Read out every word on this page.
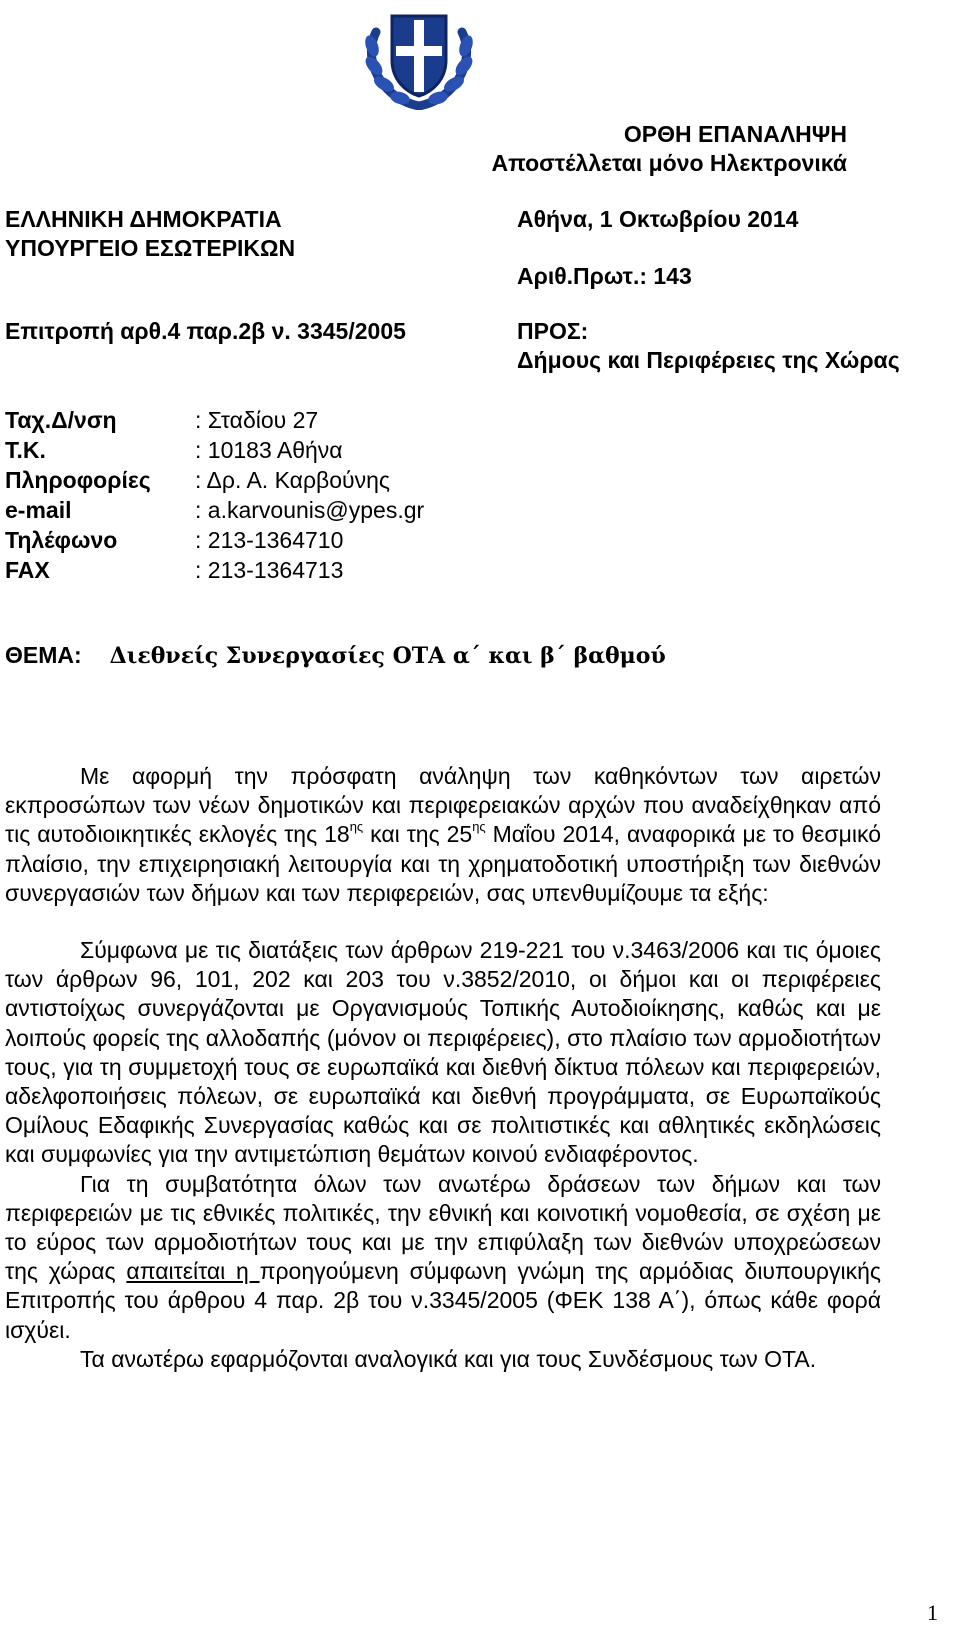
ΟΡΘΗ ΕΠΑΝΑΛΗΨΗ
Αποστέλλεται μόνο Ηλεκτρονικά
ΕΛΛΗΝΙΚΗ ΔΗΜΟΚΡΑΤΙΑ
ΥΠΟΥΡΓΕΙΟ ΕΣΩΤΕΡΙΚΩΝ
Επιτροπή αρθ.4 παρ.2β ν. 3345/2005
Αθήνα, 1 Οκτωβρίου 2014
Αριθ.Πρωτ.: 143
ΠΡΟΣ:
Δήμους και Περιφέρειες της Χώρας
Ταχ.Δ/νση	: Σταδίου 27
Τ.Κ.	: 10183 Αθήνα
Πληροφορίες	: Δρ. Α. Καρβούνης
e-mail	: a.karvounis@ypes.gr
Τηλέφωνο	: 213-1364710
FAX	: 213-1364713
ΘΕΜΑ: Διεθνείς Συνεργασίες ΟΤΑ α΄ και β΄ βαθμού

Με αφορμή την πρόσφατη ανάληψη των καθηκόντων των αιρετών εκπροσώπων των νέων δημοτικών και περιφερειακών αρχών που αναδείχθηκαν από τις αυτοδιοικητικές εκλογές της $18^{\eta\varsigma}$ και της $25^{\eta\varsigma}$ Μαΐου 2014, αναφορικά με το θεσμικό πλαίσιο, την επιχειρησιακή λειτουργία και τη χρηματοδοτική υποστήριξη των διεθνών συνεργασιών των δήμων και των περιφερειών, σας υπενθυμίζουμε τα εξής:

Σύμφωνα με τις διατάξεις των άρθρων 219-221 του ν.3463/2006 και τις όμοιες των άρθρων 96, 101, 202 και 203 του ν.3852/2010, οι δήμοι και οι περιφέρειες αντιστοίχως συνεργάζονται με Οργανισμούς Τοπικής Αυτοδιοίκησης, καθώς και με λοιπούς φορείς της αλλοδαπής (μόνον οι περιφέρειες), στο πλαίσιο των αρμοδιοτήτων τους, για τη συμμετοχή τους σε ευρωπαϊκά και διεθνή δίκτυα πόλεων και περιφερειών, αδελφοποιήσεις πόλεων, σε ευρωπαϊκά και διεθνή προγράμματα, σε Ευρωπαϊκούς Ομίλους Εδαφικής Συνεργασίας καθώς και σε πολιτιστικές και αθλητικές εκδηλώσεις και συμφωνίες για την αντιμετώπιση θεμάτων κοινού ενδιαφέροντος.

Για τη συμβατότητα όλων των ανωτέρω δράσεων των δήμων και των περιφερειών με τις εθνικές πολιτικές, την εθνική και κοινοτική νομοθεσία, σε σχέση με το εύρος των αρμοδιοτήτων τους και με την επιφύλαξη των διεθνών υποχρεώσεων της χώρας απαιτείται η προηγούμενη σύμφωνη γνώμη της αρμόδιας διυπουργικής Επιτροπής του άρθρου 4 παρ. 2β του ν.3345/2005 (ΦΕΚ 138 Α΄), όπως κάθε φορά ισχύει.

Τα ανωτέρω εφαρμόζονται αναλογικά και για τους Συνδέσμους των ΟΤΑ.

1
